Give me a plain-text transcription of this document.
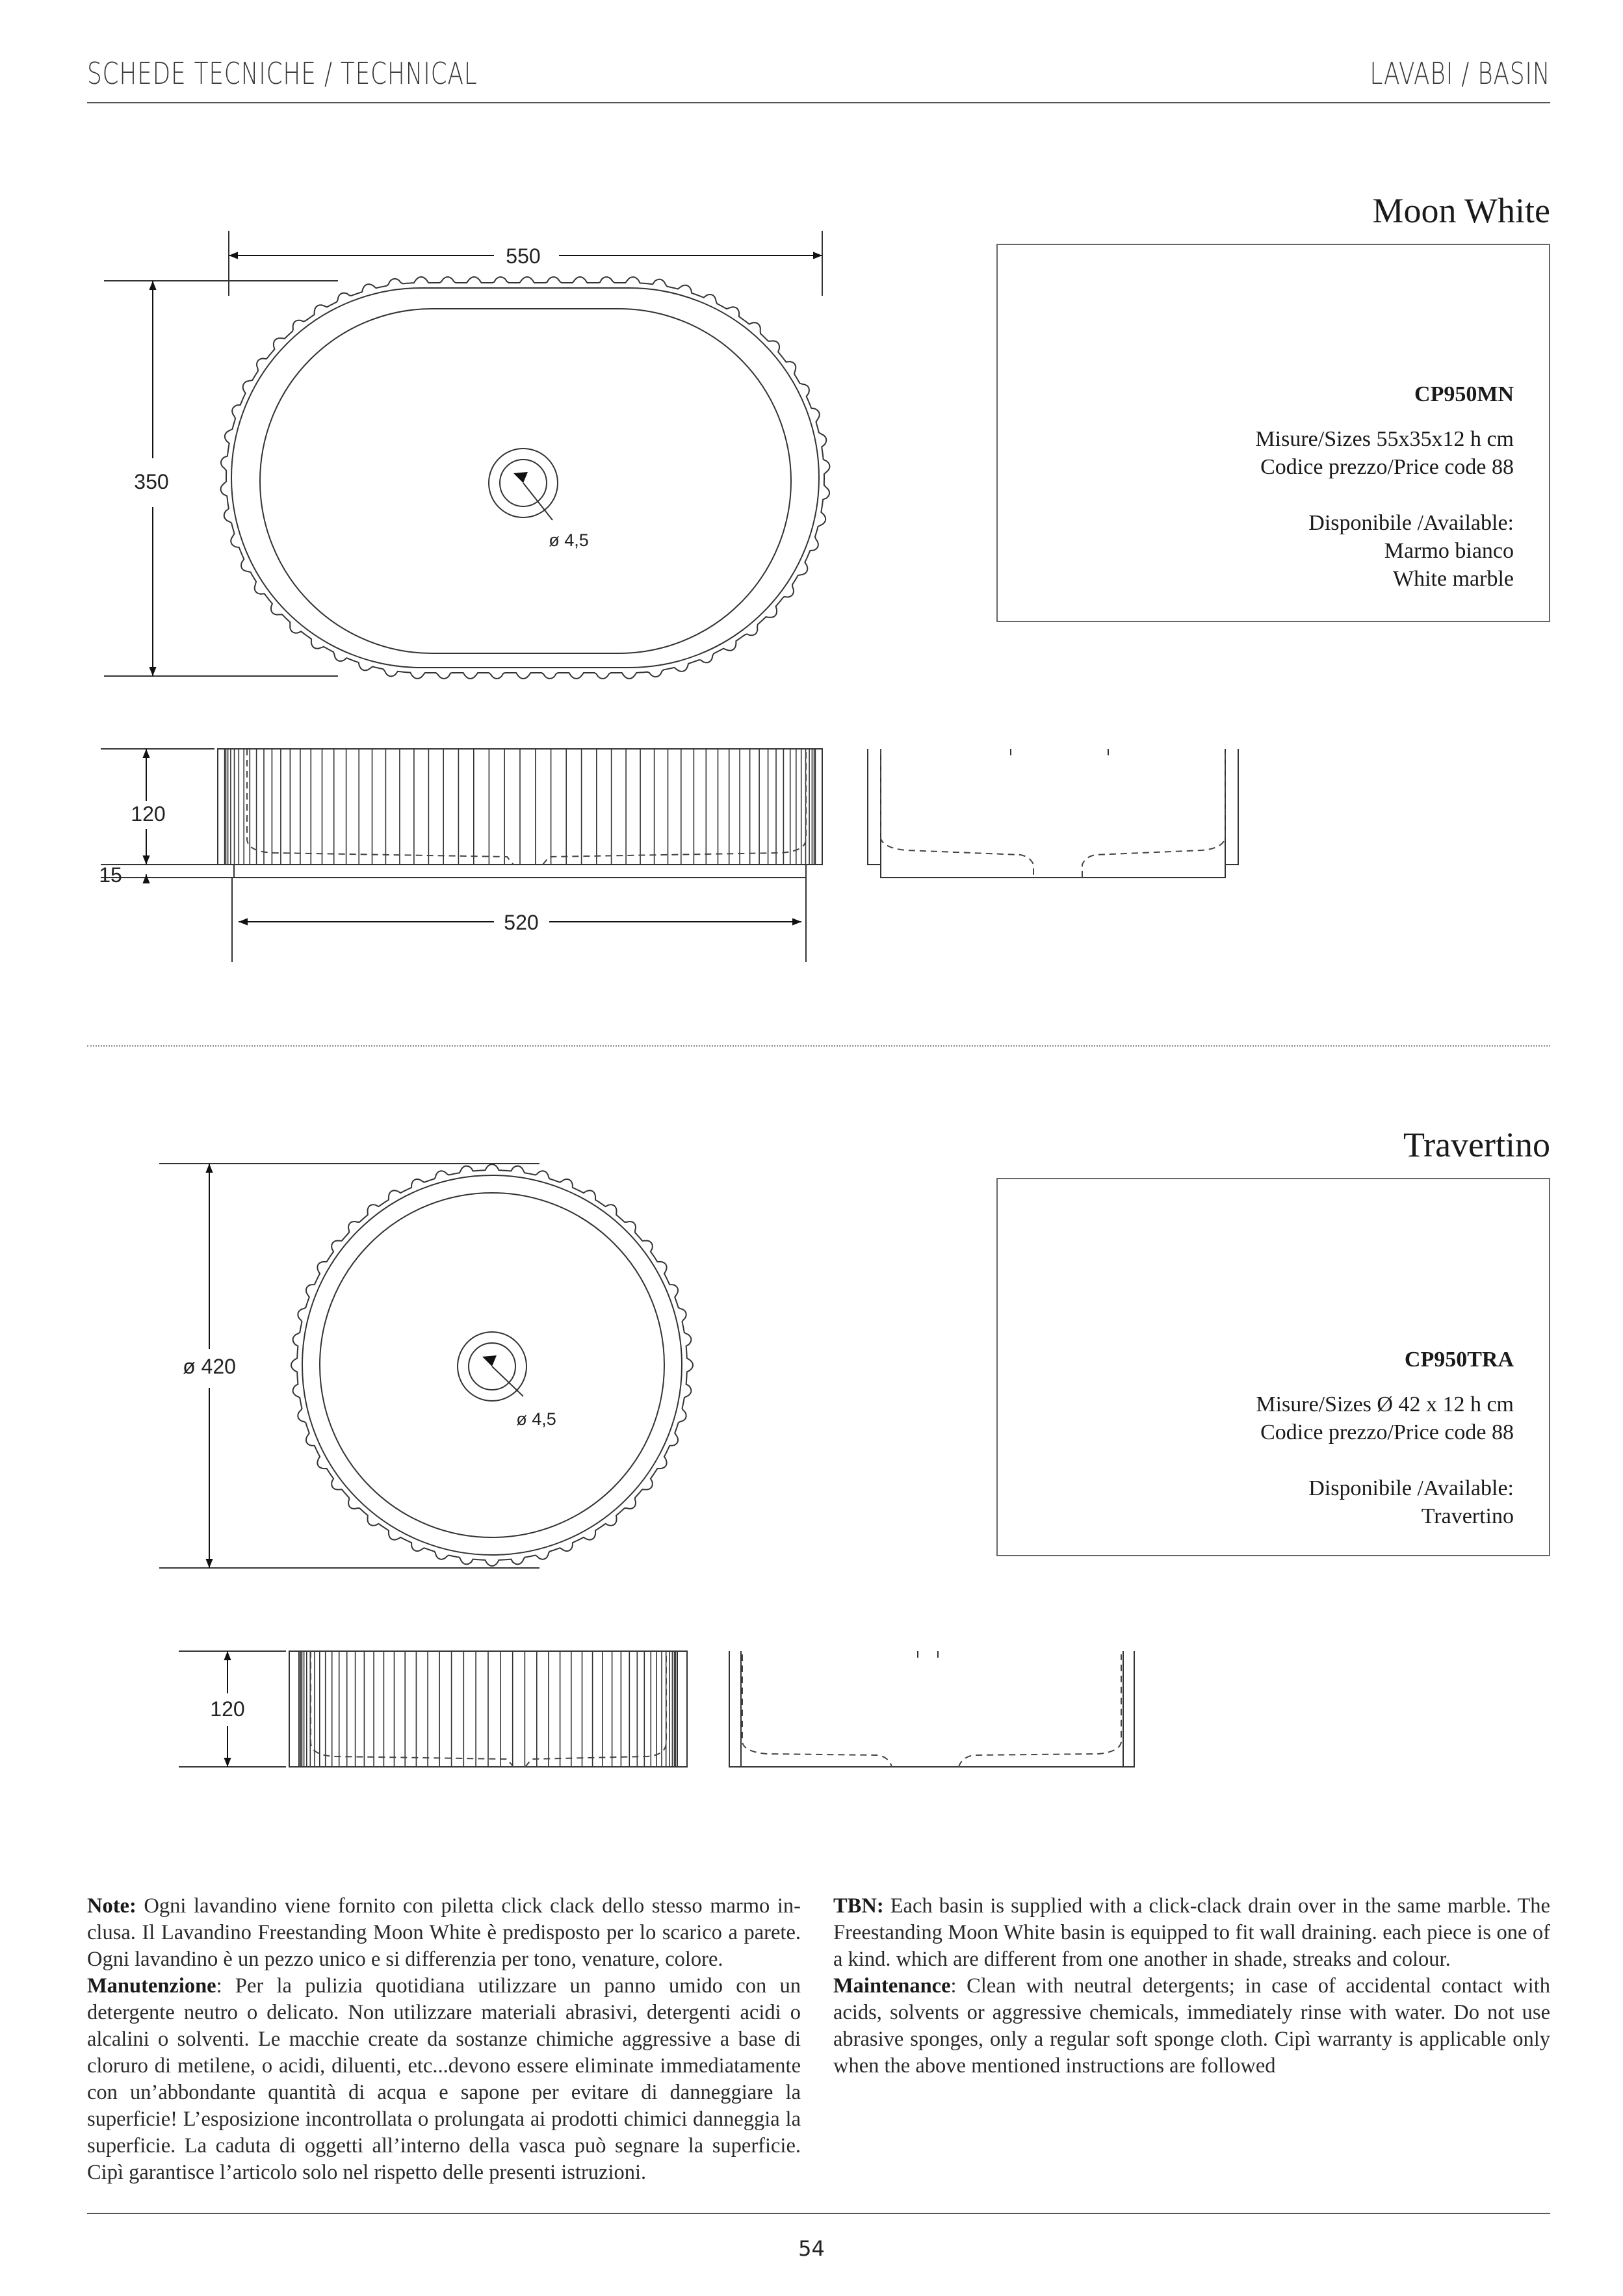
SCHEDE TECNICHE / TECHNICAL	LAVABI / BASIN
Moon White
CP950MN
Misure/Sizes 55x35x12 h cm
Codice prezzo/Price code 88
Disponibile /Available:
Marmo bianco
White marble
Travertino
CP950TRA
Misure/Sizes Ø 42 x 12 h cm
Codice prezzo/Price code 88
Disponibile /Available:
Travertino
550
350
ø 4,5
120
15
520
ø 420
ø 4,5
120

Note: Ogni lavandino viene fornito con piletta click clack dello stesso marmo inclusa. Il Lavandino Freestanding Moon White è predisposto per lo scarico a parete. Ogni lavandino è un pezzo unico e si differenzia per tono, venature, colore.

Manutenzione: Per la pulizia quotidiana utilizzare un panno umido con un detergente neutro o delicato. Non utilizzare materiali abrasivi, detergenti acidi o alcalini o solventi. Le macchie create da sostanze chimiche aggressive a base di cloruro di metilene, o acidi, diluenti, etc...devono essere eliminate immediatamente con un’abbondante quantità di acqua e sapone per evitare di danneggiare la superficie! L’esposizione incontrollata o prolungata ai prodotti chimici danneggia la superficie. La caduta di oggetti all’interno della vasca può segnare la superficie. Cipì garantisce l’articolo solo nel rispetto delle presenti istruzioni.

TBN: Each basin is supplied with a click-clack drain over in the same marble. The Freestanding Moon White basin is equipped to fit wall draining. each piece is one of a kind. which are different from one another in shade, streaks and colour.

Maintenance: Clean with neutral detergents; in case of accidental contact with acids, solvents or aggressive chemicals, immediately rinse with water. Do not use abrasive sponges, only a regular soft sponge cloth. Cipì warranty is applicable only when the above mentioned instructions are followed

54
